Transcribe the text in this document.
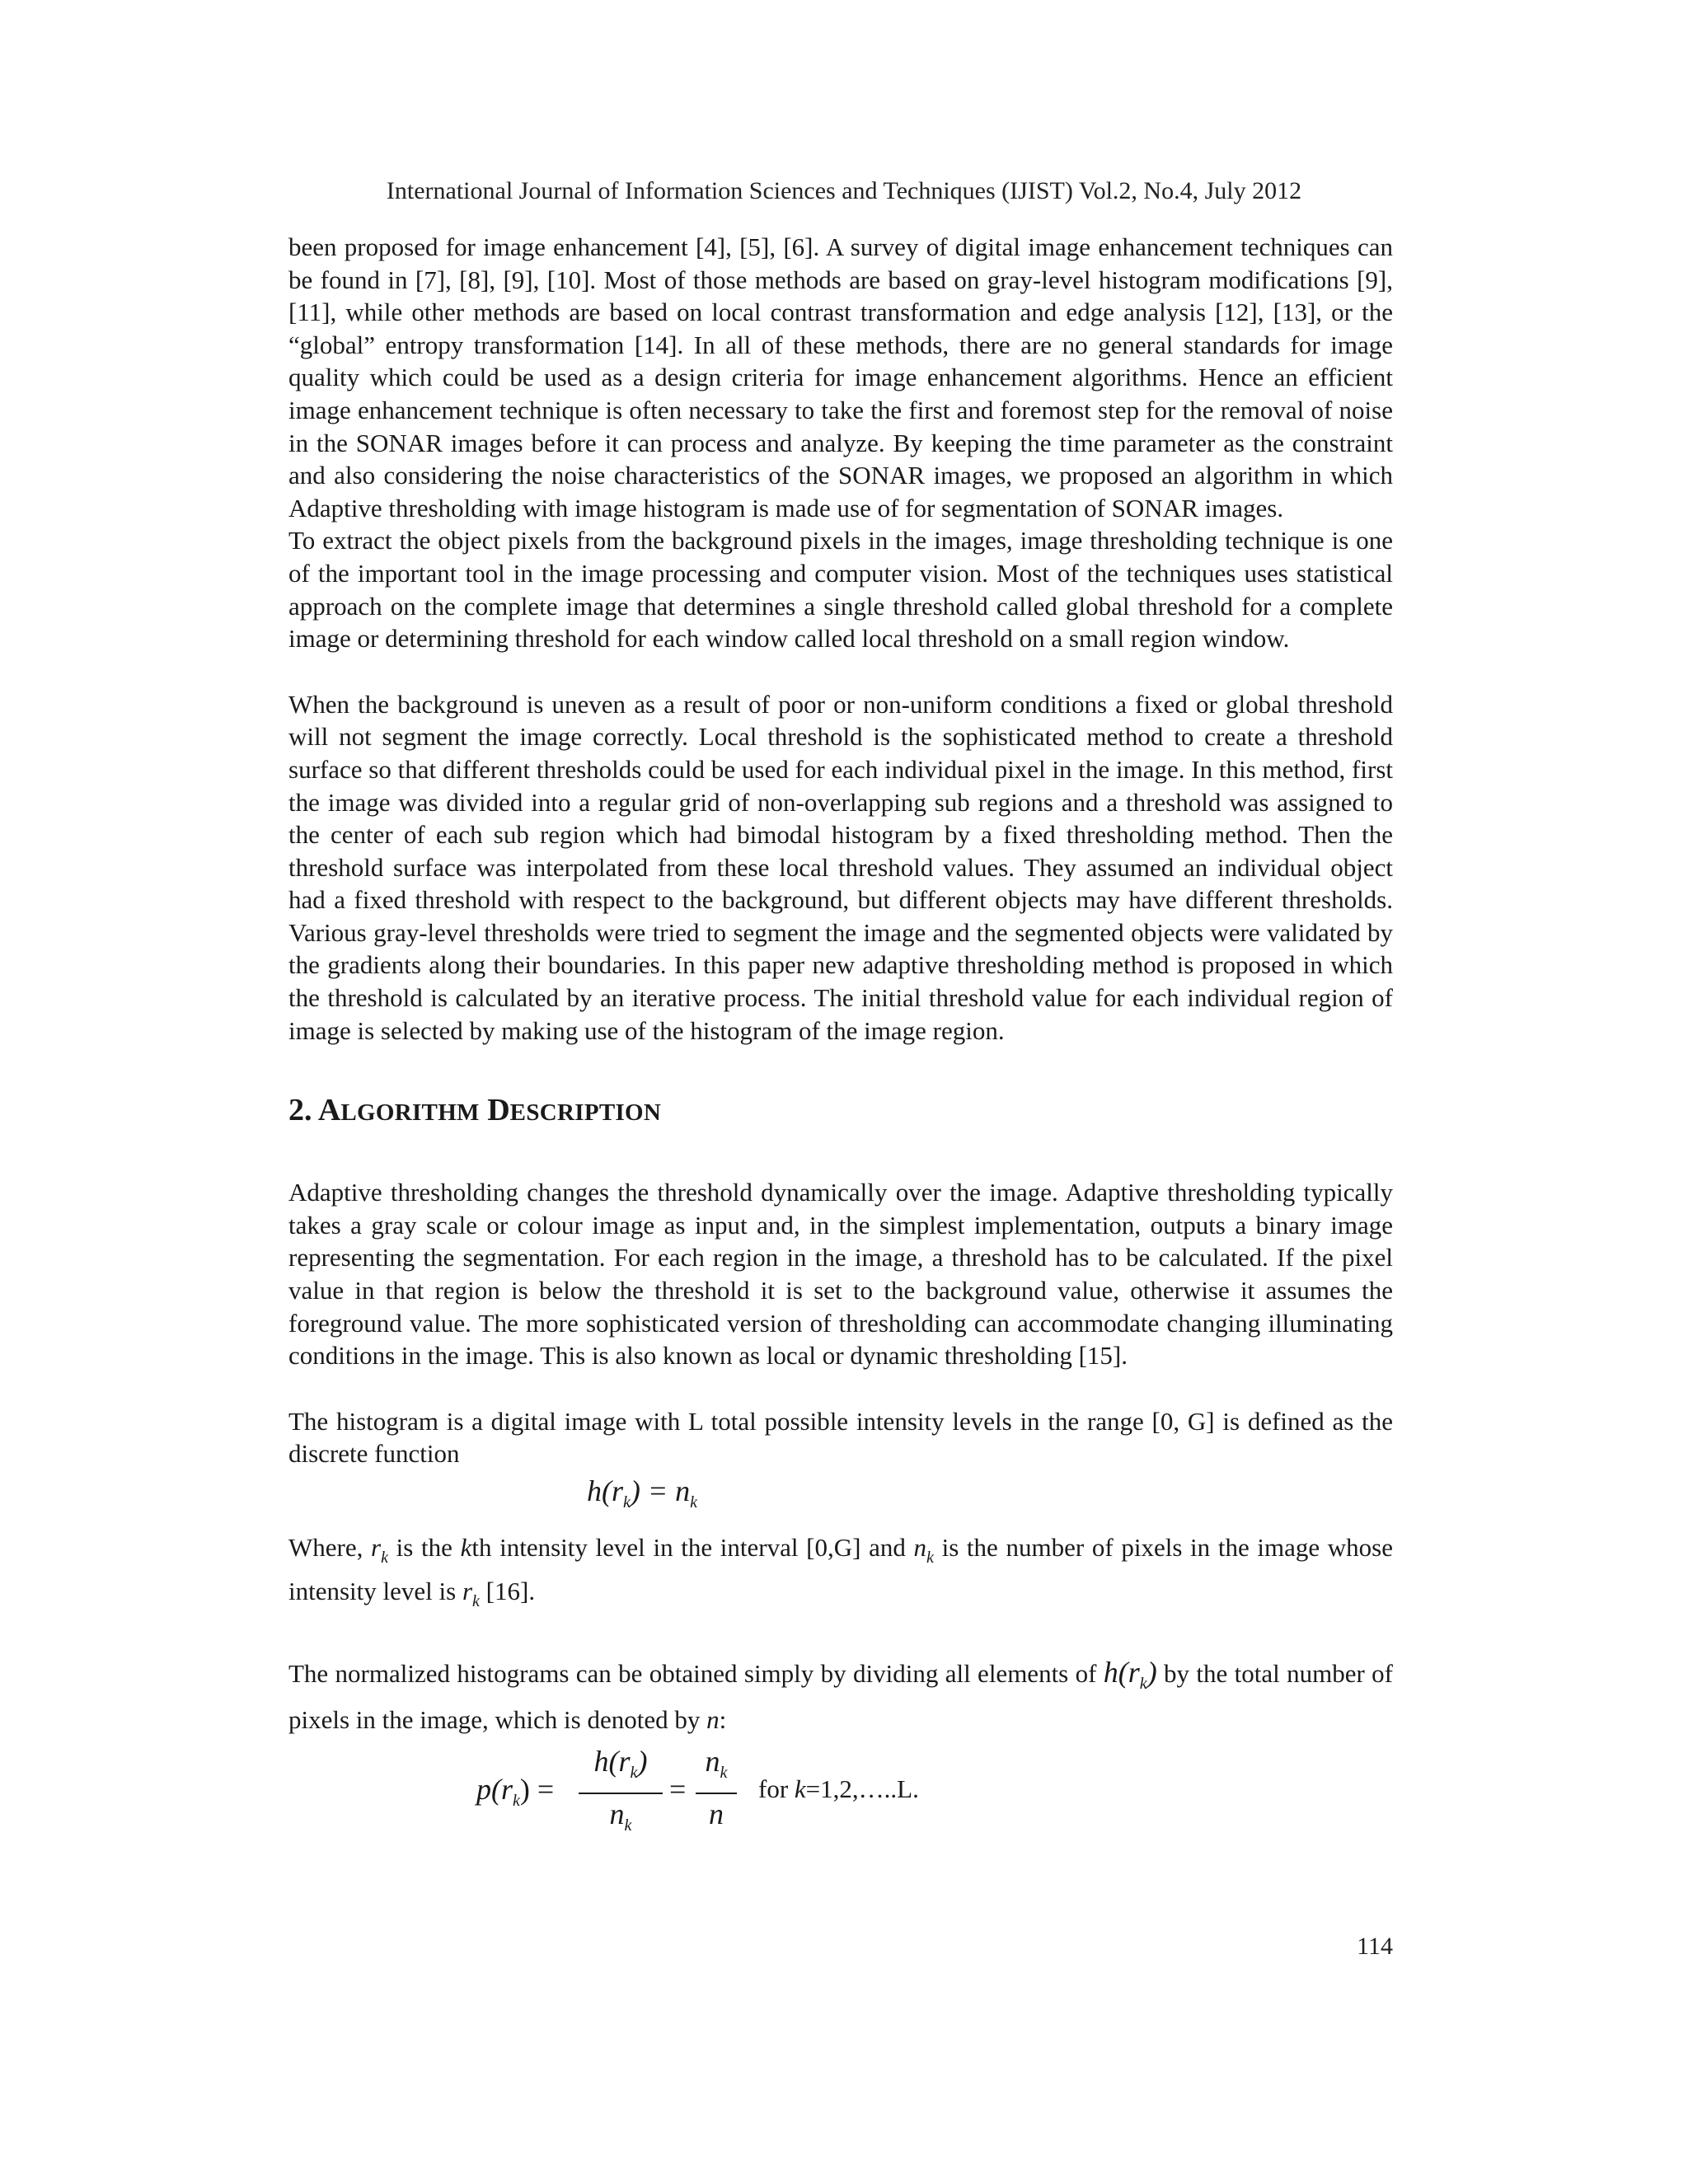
International Journal of Information Sciences and Techniques (IJIST) Vol.2, No.4, July 2012

been proposed for image enhancement [4], [5], [6]. A survey of digital image enhancement techniques can be found in [7], [8], [9], [10]. Most of those methods are based on gray-level histogram modifications [9], [11], while other methods are based on local contrast transformation and edge analysis [12], [13], or the “global” entropy transformation [14]. In all of these methods, there are no general standards for image quality which could be used as a design criteria for image enhancement algorithms. Hence an efficient image enhancement technique is often necessary to take the first and foremost step for the removal of noise in the SONAR images before it can process and analyze. By keeping the time parameter as the constraint and also considering the noise characteristics of the SONAR images, we proposed an algorithm in which Adaptive thresholding with image histogram is made use of for segmentation of SONAR images.

To extract the object pixels from the background pixels in the images, image thresholding technique is one of the important tool in the image processing and computer vision. Most of the techniques uses statistical approach on the complete image that determines a single threshold called global threshold for a complete image or determining threshold for each window called local threshold on a small region window.

When the background is uneven as a result of poor or non-uniform conditions a fixed or global threshold will not segment the image correctly. Local threshold is the sophisticated method to create a threshold surface so that different thresholds could be used for each individual pixel in the image. In this method, first the image was divided into a regular grid of non-overlapping sub regions and a threshold was assigned to the center of each sub region which had bimodal histogram by a fixed thresholding method. Then the threshold surface was interpolated from these local threshold values. They assumed an individual object had a fixed threshold with respect to the background, but different objects may have different thresholds. Various gray-level thresholds were tried to segment the image and the segmented objects were validated by the gradients along their boundaries. In this paper new adaptive thresholding method is proposed in which the threshold is calculated by an iterative process. The initial threshold value for each individual region of image is selected by making use of the histogram of the image region.

2. ALGORITHM DESCRIPTION

Adaptive thresholding changes the threshold dynamically over the image. Adaptive thresholding typically takes a gray scale or colour image as input and, in the simplest implementation, outputs a binary image representing the segmentation. For each region in the image, a threshold has to be calculated. If the pixel value in that region is below the threshold it is set to the background value, otherwise it assumes the foreground value. The more sophisticated version of thresholding can accommodate changing illuminating conditions in the image. This is also known as local or dynamic thresholding [15].

The histogram is a digital image with L total possible intensity levels in the range [0, G] is defined as the discrete function

$h(r_k) = n_k$

Where, $r_k$ is the kth intensity level in the interval [0,G] and $n_k$ is the number of pixels in the image whose intensity level is $r_k$ [16].

The normalized histograms can be obtained simply by dividing all elements of $h(r_k)$ by the total number of pixels in the image, which is denoted by n:

$p(r_k)$ =
$h(r_k)$
$n_k$
=
$n_k$
n
for k=1,2,…..L.
114
